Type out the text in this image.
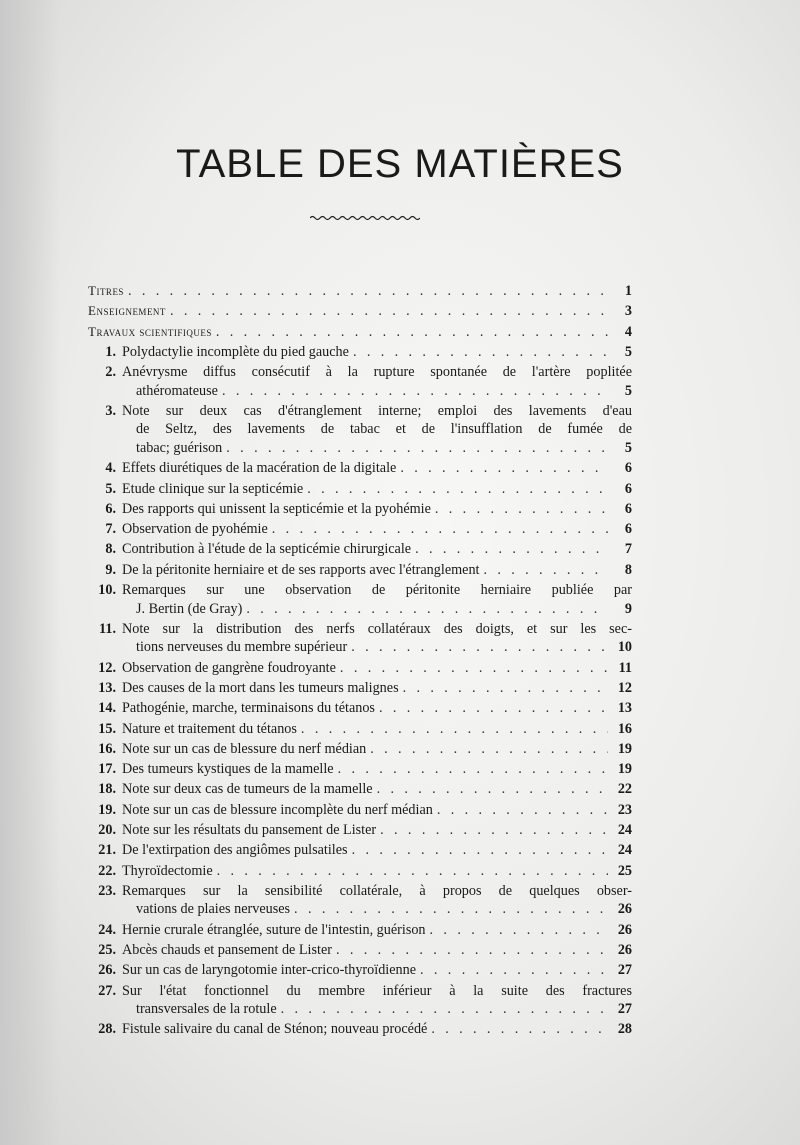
TABLE DES MATIÈRES
Titres . . .	1
Enseignement . . .	3
Travaux scientifiques . . .	4
1. Polydactylie incomplète du pied gauche . . .	5
2. Anévrysme diffus consécutif à la rupture spontanée de l'artère poplitée
athéromateuse . . .	5
3. Note sur deux cas d'étranglement interne; emploi des lavements d'eau
de Seltz, des lavements de tabac et de l'insufflation de fumée de
tabac; guérison . . .	5
4. Effets diurétiques de la macération de la digitale . . .	6
5. Etude clinique sur la septicémie . . .	6
6. Des rapports qui unissent la septicémie et la pyohémie . . .	6
7. Observation de pyohémie . . .	6
8. Contribution à l'étude de la septicémie chirurgicale . . .	7
9. De la péritonite herniaire et de ses rapports avec l'étranglement . . .	8
10. Remarques sur une observation de péritonite herniaire publiée par
J. Bertin (de Gray) . . .	9
11. Note sur la distribution des nerfs collatéraux des doigts, et sur les sec-
tions nerveuses du membre supérieur . . .	10
12. Observation de gangrène foudroyante . . .	11
13. Des causes de la mort dans les tumeurs malignes . . .	12
14. Pathogénie, marche, terminaisons du tétanos . . .	13
15. Nature et traitement du tétanos . . .	16
16. Note sur un cas de blessure du nerf médian . . .	19
17. Des tumeurs kystiques de la mamelle . . .	19
18. Note sur deux cas de tumeurs de la mamelle . . .	22
19. Note sur un cas de blessure incomplète du nerf médian . . .	23
20. Note sur les résultats du pansement de Lister . . .	24
21. De l'extirpation des angiômes pulsatiles . . .	24
22. Thyroïdectomie . . .	25
23. Remarques sur la sensibilité collatérale, à propos de quelques obser-
vations de plaies nerveuses . . .	26
24. Hernie crurale étranglée, suture de l'intestin, guérison . . .	26
25. Abcès chauds et pansement de Lister . . .	26
26. Sur un cas de laryngotomie inter-crico-thyroïdienne . . .	27
27. Sur l'état fonctionnel du membre inférieur à la suite des fractures
transversales de la rotule . . .	27
28. Fistule salivaire du canal de Sténon; nouveau procédé . . .	28
